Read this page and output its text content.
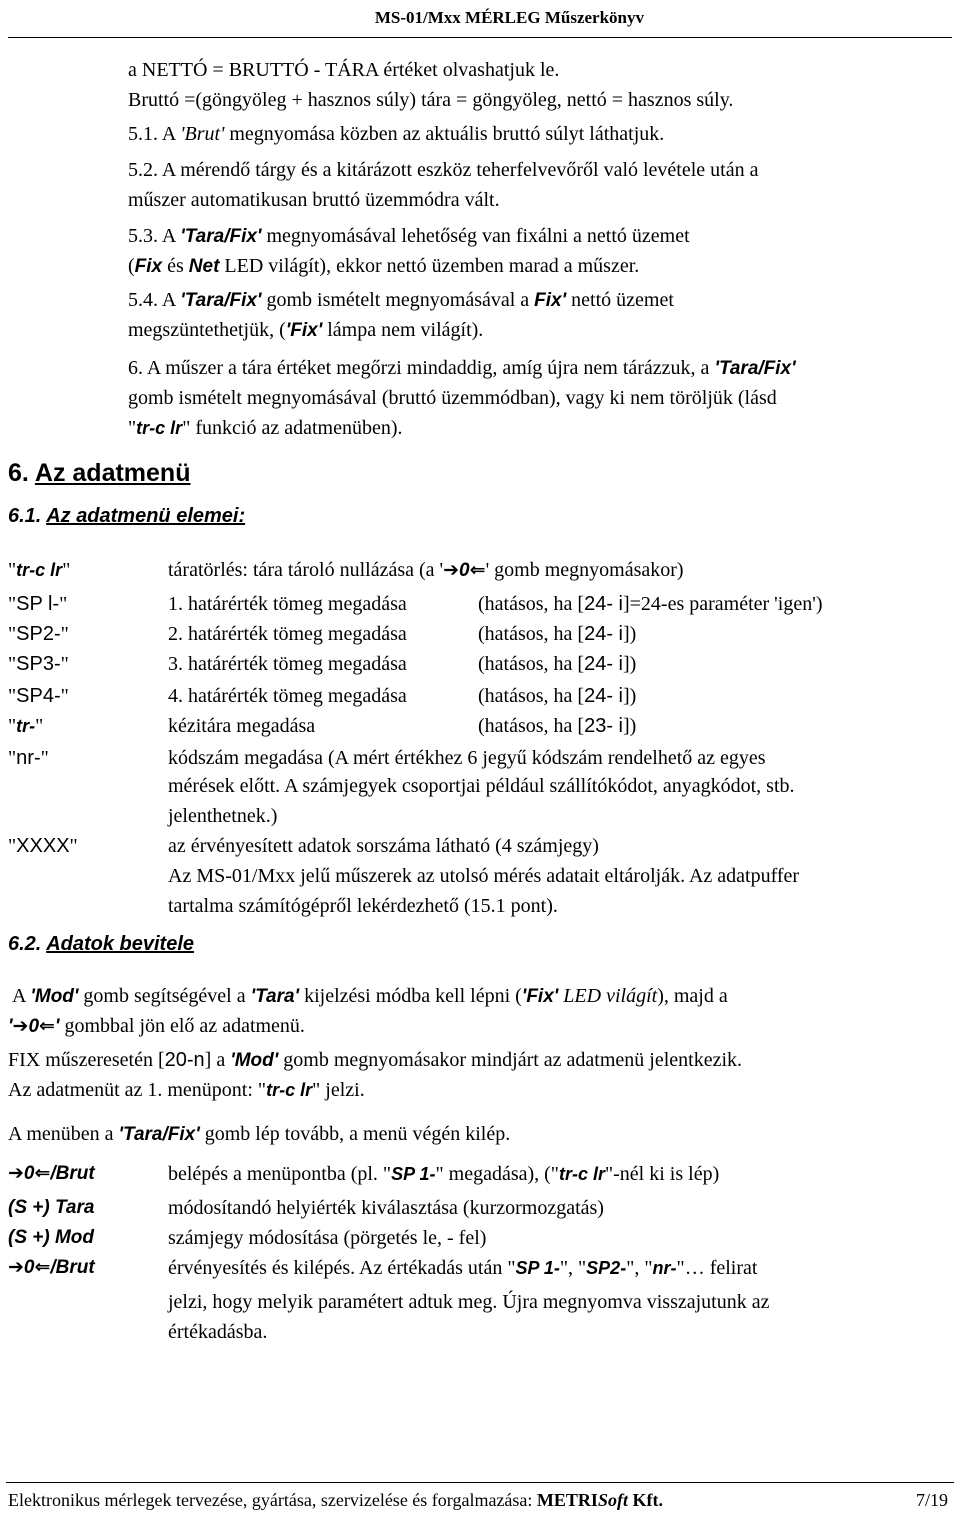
MS-01/Mxx MÉRLEG Műszerkönyv
a NETTÓ = BRUTTÓ - TÁRA értéket olvashatjuk le.
Bruttó =(göngyöleg + hasznos súly) tára = göngyöleg, nettó = hasznos súly.
5.1. A 'Brut' megnyomása közben az aktuális bruttó súlyt láthatjuk.
5.2. A mérendő tárgy és a kitárázott eszköz teherfelvevőről való levétele után a
műszer automatikusan bruttó üzemmódra vált.
5.3. A 'Tara/Fix' megnyomásával lehetőség van fixálni a nettó üzemet
(Fix és Net LED világít), ekkor nettó üzemben marad a műszer.
5.4. A 'Tara/Fix' gomb ismételt megnyomásával a Fix' nettó üzemet
megszüntethetjük, ('Fix' lámpa nem világít).
6. A műszer a tára értéket megőrzi mindaddig, amíg újra nem tárázzuk, a 'Tara/Fix'
gomb ismételt megnyomásával (bruttó üzemmódban), vagy ki nem töröljük (lásd
"tr-c lr" funkció az adatmenüben).
6. Az adatmenü
6.1. Az adatmenü elemei:
"tr-c lr"	táratörlés: tára tároló nullázása (a '➔0⇐' gomb megnyomásakor)
"SP l-"	1. határérték tömeg megadása	(hatásos, ha [24- i]=24-es paraméter 'igen')
"SP2-"	2. határérték tömeg megadása	(hatásos, ha [24- i])
"SP3-"	3. határérték tömeg megadása	(hatásos, ha [24- i])
"SP4-"	4. határérték tömeg megadása	(hatásos, ha [24- i])
"tr-"	kézitára megadása	(hatásos, ha [23- i])
"nr-"	kódszám megadása (A mért értékhez 6 jegyű kódszám rendelhető az egyes
mérések előtt. A számjegyek csoportjai például szállítókódot, anyagkódot, stb.
jelenthetnek.)
"XXXX"	az érvényesített adatok sorszáma látható (4 számjegy)
Az MS-01/Mxx jelű műszerek az utolsó mérés adatait eltárolják. Az adatpuffer
tartalma számítógépről lekérdezhető (15.1 pont).
6.2. Adatok bevitele
A 'Mod' gomb segítségével a 'Tara' kijelzési módba kell lépni ('Fix' LED világít), majd a
'➔0⇐' gombbal jön elő az adatmenü.
FIX műszeresetén [20-n] a 'Mod' gomb megnyomásakor mindjárt az adatmenü jelentkezik.
Az adatmenüt az 1. menüpont: "tr-c lr" jelzi.
A menüben a 'Tara/Fix' gomb lép tovább, a menü végén kilép.
➔0⇐/Brut	belépés a menüpontba (pl. "SP 1-" megadása), ("tr-c lr"-nél ki is lép)
(S +) Tara	módosítandó helyiérték kiválasztása (kurzormozgatás)
(S +) Mod	számjegy módosítása (pörgetés le, - fel)
➔0⇐/Brut	érvényesítés és kilépés. Az értékadás után "SP 1-", "SP2-", "nr-"… felirat
jelzi, hogy melyik paramétert adtuk meg. Újra megnyomva visszajutunk az
értékadásba.
Elektronikus mérlegek tervezése, gyártása, szervizelése és forgalmazása: METRISoft Kft.	7/19
